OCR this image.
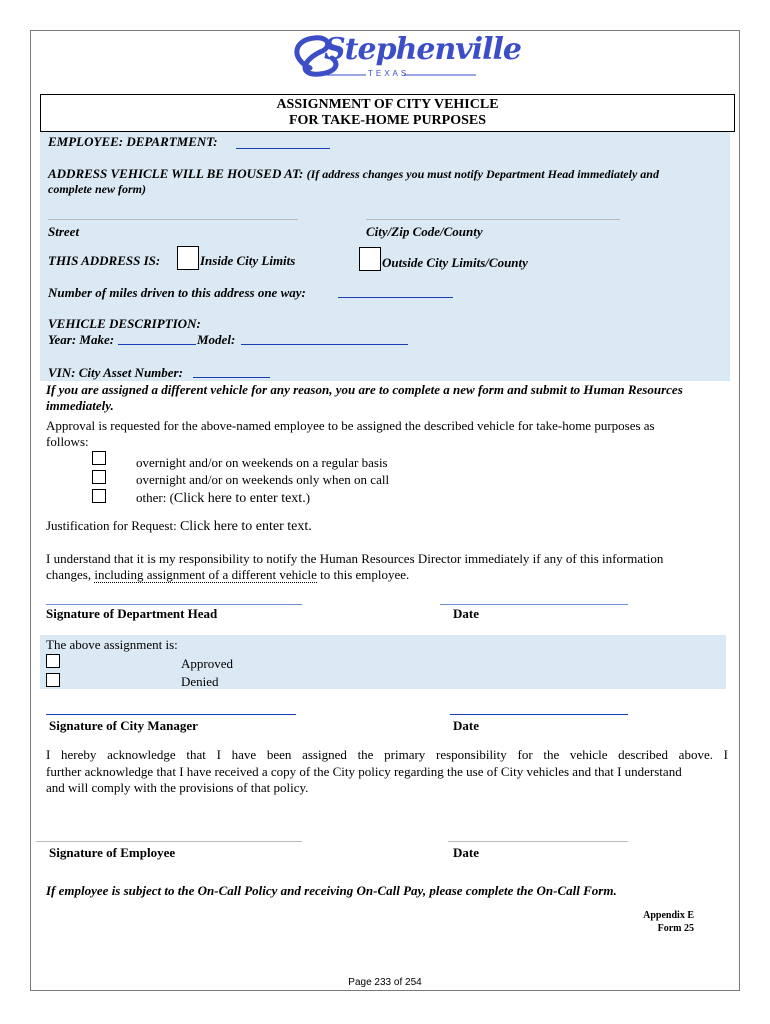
Stephenville
TEXAS
ASSIGNMENT OF CITY VEHICLE
FOR TAKE-HOME PURPOSES
EMPLOYEE: DEPARTMENT:
ADDRESS VEHICLE WILL BE HOUSED AT: (If address changes you must notify Department Head immediately and
complete new form)
Street	City/Zip Code/County
THIS ADDRESS IS:	Inside City Limits	Outside City Limits/County
Number of miles driven to this address one way:
VEHICLE DESCRIPTION:
Year: Make:	Model:
VIN: City Asset Number:
If you are assigned a different vehicle for any reason, you are to complete a new form and submit to Human Resources
immediately.
Approval is requested for the above-named employee to be assigned the described vehicle for take-home purposes as
follows:
overnight and/or on weekends on a regular basis
overnight and/or on weekends only when on call
other: (Click here to enter text.)
Justification for Request: Click here to enter text.
I understand that it is my responsibility to notify the Human Resources Director immediately if any of this information
changes, including assignment of a different vehicle to this employee.
Signature of Department Head	Date
The above assignment is:
Approved
Denied
Signature of City Manager	Date
I hereby acknowledge that I have been assigned the primary responsibility for the vehicle described above. I
further acknowledge that I have received a copy of the City policy regarding the use of City vehicles and that I understand
and will comply with the provisions of that policy.
Signature of Employee	Date
If employee is subject to the On-Call Policy and receiving On-Call Pay, please complete the On-Call Form.
Appendix E
Form 25
Page 233 of 254
